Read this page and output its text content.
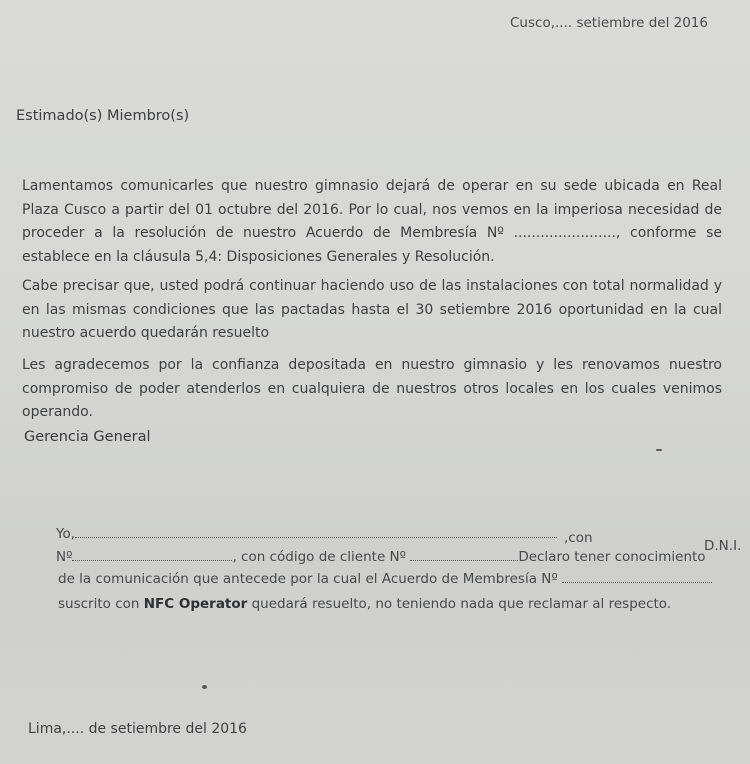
Cusco,.... setiembre del 2016
Estimado(s) Miembro(s)
Lamentamos comunicarles que nuestro gimnasio dejará de operar en su sede ubicada en Real Plaza Cusco a partir del 01 octubre del 2016. Por lo cual, nos vemos en la imperiosa necesidad de proceder a la resolución de nuestro Acuerdo de Membresía Nº ......................., conforme se establece en la cláusula 5,4: Disposiciones Generales y Resolución.
Cabe precisar que, usted podrá continuar haciendo uso de las instalaciones con total normalidad y en las mismas condiciones que las pactadas hasta el 30 setiembre 2016 oportunidad en la cual nuestro acuerdo quedarán resuelto
Les agradecemos por la confianza depositada en nuestro gimnasio y les renovamos nuestro compromiso de poder atenderlos en cualquiera de nuestros otros locales en los cuales venimos operando.
Gerencia General
Yo,	,con	D.N.I.
Nº	, con código de cliente Nº	Declaro tener conocimiento
de la comunicación que antecede por la cual el Acuerdo de Membresía Nº
suscrito con NFC Operator quedará resuelto, no teniendo nada que reclamar al respecto.
Lima,.... de setiembre del 2016
